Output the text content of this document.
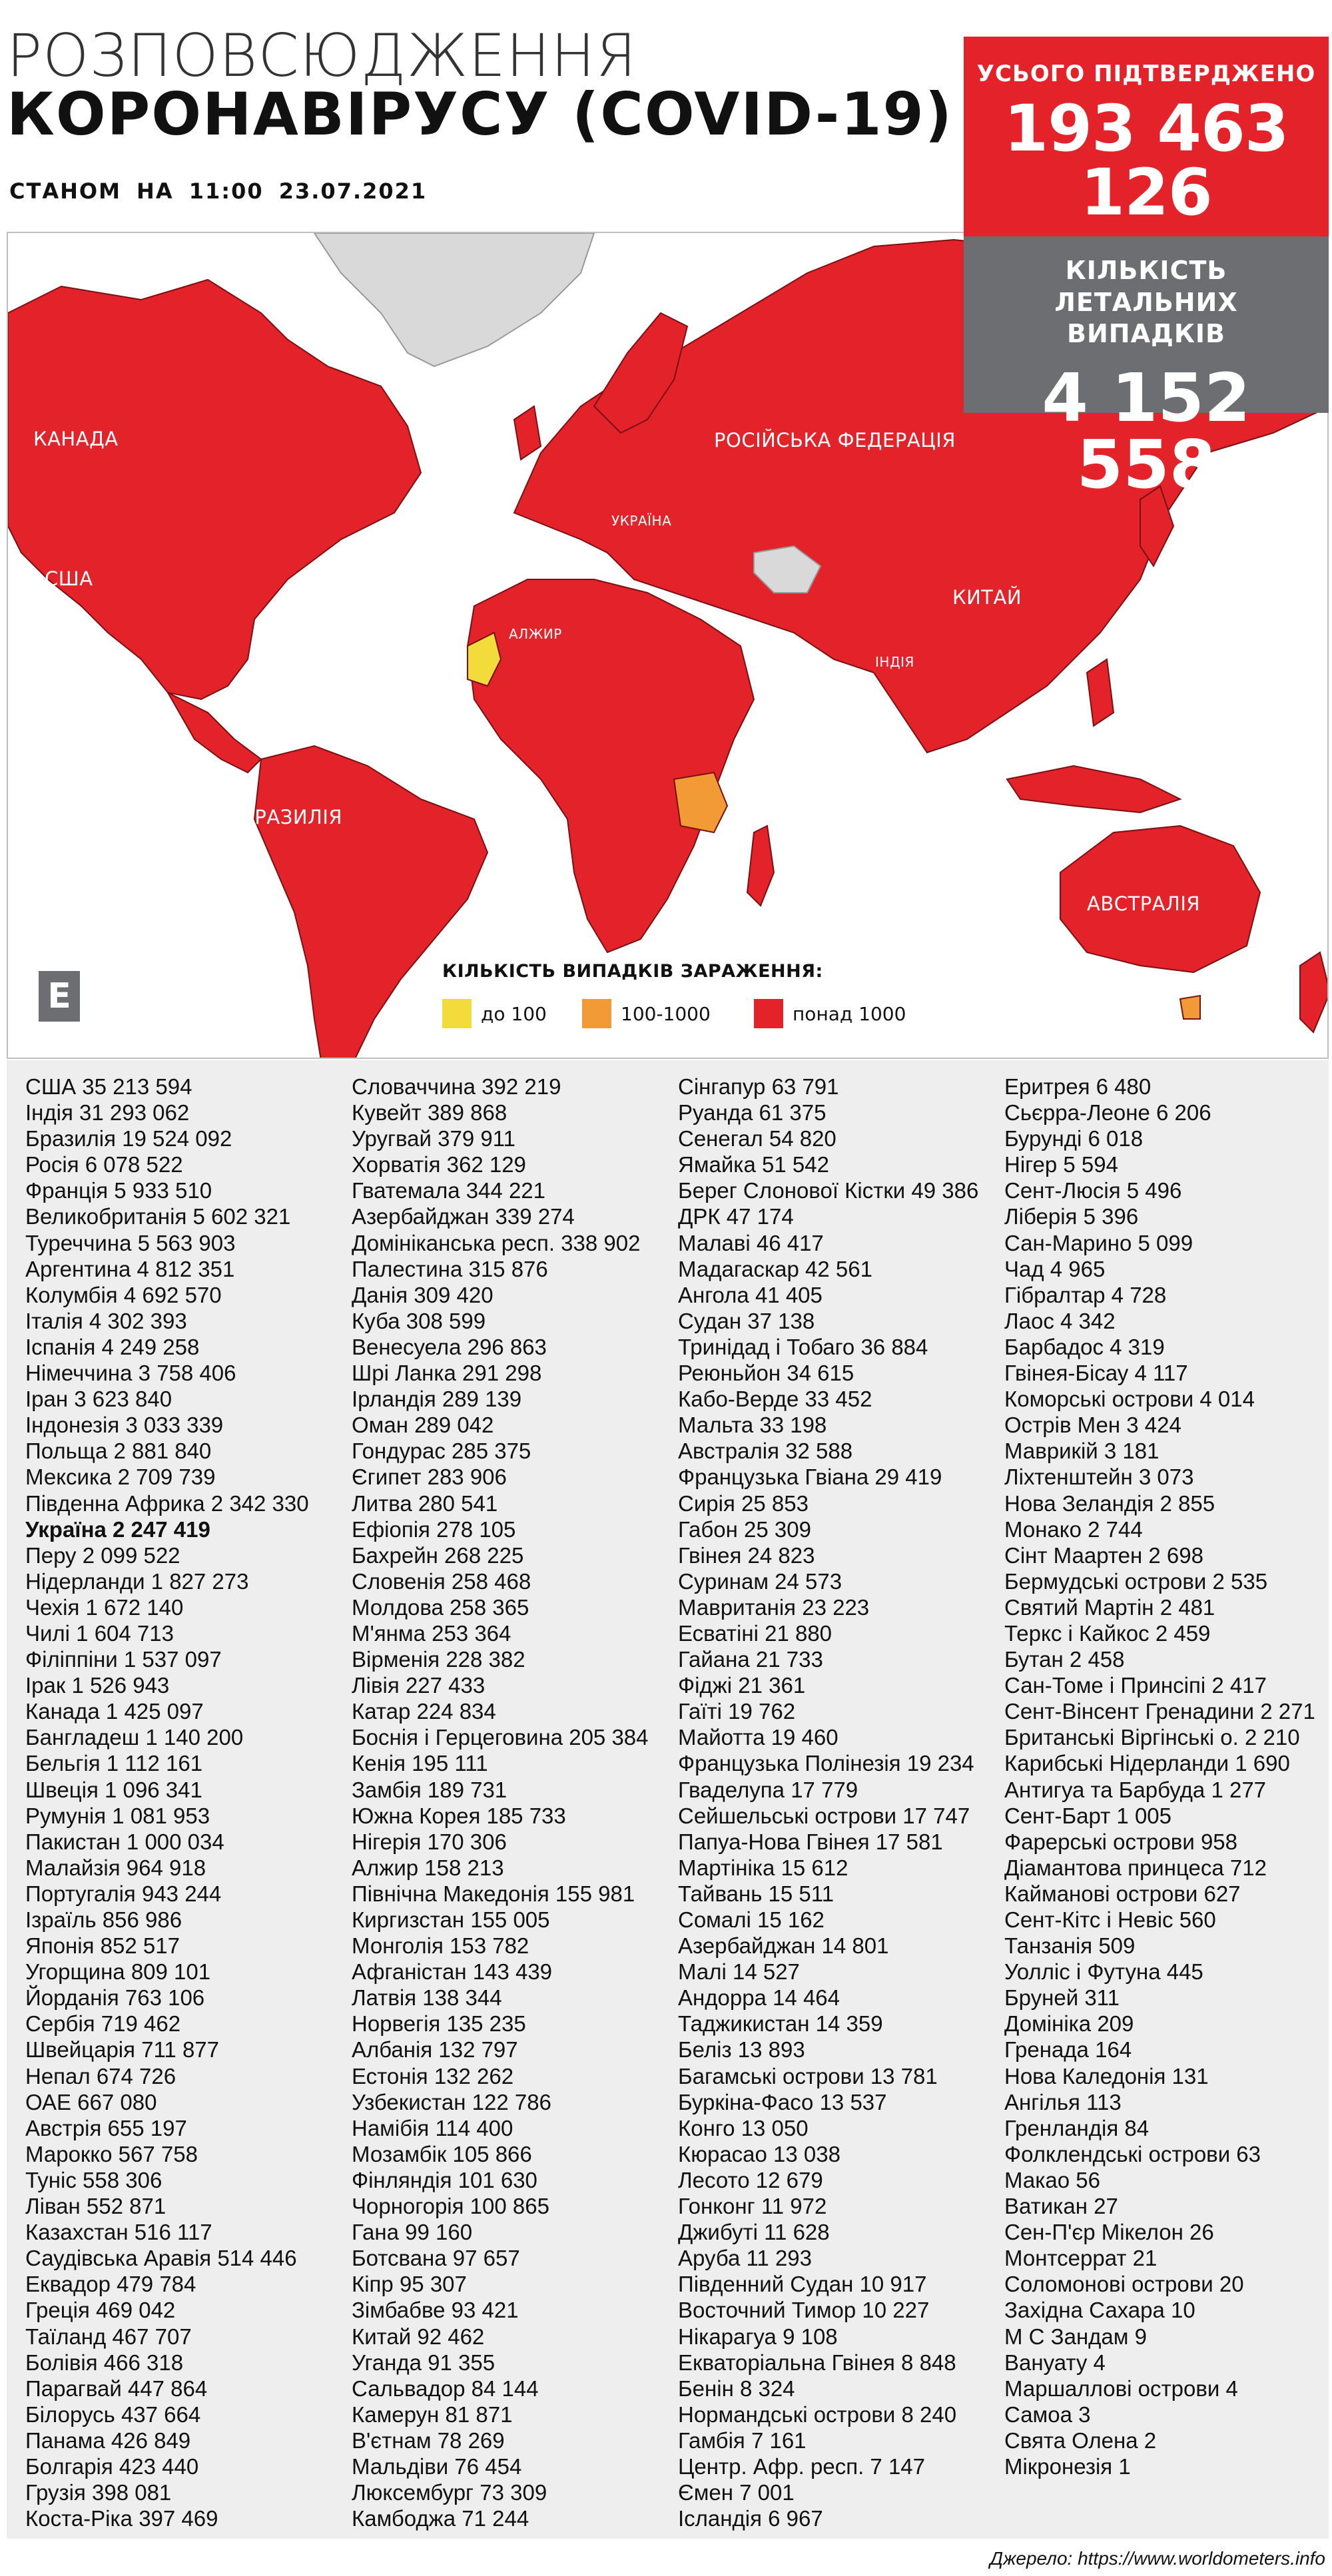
РОЗПОВСЮДЖЕННЯ
КОРОНАВІРУСУ (COVID-19)
СТАНОМ НА 11:00 23.07.2021
КАНАДА
США
БРАЗИЛІЯ
РОСІЙСЬКА ФЕДЕРАЦІЯ
УКРАЇНА
ФРАНЦІЯ
АЛЖИР
ІНДІЯ
КИТАЙ
АВСТРАЛІЯ
Е
КІЛЬКІСТЬ ВИПАДКІВ ЗАРАЖЕННЯ:
до 100	100-1000	понад 1000
УСЬОГО ПІДТВЕРДЖЕНО
193 463 126
КІЛЬКІСТЬ ЛЕТАЛЬНИХ ВИПАДКІВ
4 152 558
США 35 213 594
Індія 31 293 062
Бразилія 19 524 092
Росія 6 078 522
Франція 5 933 510
Великобританія 5 602 321
Туреччина 5 563 903
Аргентина 4 812 351
Колумбія 4 692 570
Італія 4 302 393
Іспанія 4 249 258
Німеччина 3 758 406
Іран 3 623 840
Індонезія 3 033 339
Польща 2 881 840
Мексика 2 709 739
Південна Африка 2 342 330
Україна 2 247 419
Перу 2 099 522
Нідерланди 1 827 273
Чехія 1 672 140
Чилі 1 604 713
Філіппіни 1 537 097
Ірак 1 526 943
Канада 1 425 097
Бангладеш 1 140 200
Бельгія 1 112 161
Швеція 1 096 341
Румунія 1 081 953
Пакистан 1 000 034
Малайзія 964 918
Португалія 943 244
Ізраїль 856 986
Японія 852 517
Угорщина 809 101
Йорданія 763 106
Сербія 719 462
Швейцарія 711 877
Непал 674 726
ОАЕ 667 080
Австрія 655 197
Марокко 567 758
Туніс 558 306
Ліван 552 871
Казахстан 516 117
Саудівська Аравія 514 446
Еквадор 479 784
Греція 469 042
Таїланд 467 707
Болівія 466 318
Парагвай 447 864
Білорусь 437 664
Панама 426 849
Болгарія 423 440
Грузія 398 081
Коста-Ріка 397 469
Словаччина 392 219
Кувейт 389 868
Уругвай 379 911
Хорватія 362 129
Гватемала 344 221
Азербайджан 339 274
Домініканська респ. 338 902
Палестина 315 876
Данія 309 420
Куба 308 599
Венесуела 296 863
Шрі Ланка 291 298
Ірландія 289 139
Оман 289 042
Гондурас 285 375
Єгипет 283 906
Литва 280 541
Ефіопія 278 105
Бахрейн 268 225
Словенія 258 468
Молдова 258 365
М'янма 253 364
Вірменія 228 382
Лівія 227 433
Катар 224 834
Боснія і Герцеговина 205 384
Кенія 195 111
Замбія 189 731
Южна Корея 185 733
Нігерія 170 306
Алжир 158 213
Північна Македонія 155 981
Киргизстан 155 005
Монголія 153 782
Афганістан 143 439
Латвія 138 344
Норвегія 135 235
Албанія 132 797
Естонія 132 262
Узбекистан 122 786
Намібія 114 400
Мозамбік 105 866
Фінляндія 101 630
Чорногорія 100 865
Гана 99 160
Ботсвана 97 657
Кіпр 95 307
Зімбабве 93 421
Китай 92 462
Уганда 91 355
Сальвадор 84 144
Камерун 81 871
В'єтнам 78 269
Мальдіви 76 454
Люксембург 73 309
Камбоджа 71 244
Сінгапур 63 791
Руанда 61 375
Сенегал 54 820
Ямайка 51 542
Берег Слонової Кістки 49 386
ДРК 47 174
Малаві 46 417
Мадагаскар 42 561
Ангола 41 405
Судан 37 138
Тринідад і Тобаго 36 884
Реюньйон 34 615
Кабо-Верде 33 452
Мальта 33 198
Австралія 32 588
Французька Гвіана 29 419
Сирія 25 853
Габон 25 309
Гвінея 24 823
Суринам 24 573
Мавританія 23 223
Есватіні 21 880
Гайана 21 733
Фіджі 21 361
Гаїті 19 762
Майотта 19 460
Французька Полінезія 19 234
Гваделупа 17 779
Сейшельські острови 17 747
Папуа-Нова Гвінея 17 581
Мартініка 15 612
Тайвань 15 511
Сомалі 15 162
Азербайджан 14 801
Малі 14 527
Андорра 14 464
Таджикистан 14 359
Беліз 13 893
Багамські острови 13 781
Буркіна-Фасо 13 537
Конго 13 050
Кюрасао 13 038
Лесото 12 679
Гонконг 11 972
Джибуті 11 628
Аруба 11 293
Південний Судан 10 917
Восточний Тимор 10 227
Нікарагуа 9 108
Екваторіальна Гвінея 8 848
Бенін 8 324
Нормандські острови 8 240
Гамбія 7 161
Центр. Афр. респ. 7 147
Ємен 7 001
Ісландія 6 967
Еритрея 6 480
Сьєрра-Леоне 6 206
Бурунді 6 018
Нігер 5 594
Сент-Люсія 5 496
Ліберія 5 396
Сан-Марино 5 099
Чад 4 965
Гібралтар 4 728
Лаос 4 342
Барбадос 4 319
Гвінея-Бісау 4 117
Коморські острови 4 014
Острів Мен 3 424
Маврикій 3 181
Ліхтенштейн 3 073
Нова Зеландія 2 855
Монако 2 744
Сінт Маартен 2 698
Бермудські острови 2 535
Святий Мартін 2 481
Теркс і Кайкос 2 459
Бутан 2 458
Сан-Томе і Принсіпі 2 417
Сент-Вінсент Гренадини 2 271
Британські Віргінські о. 2 210
Карибські Нідерланди 1 690
Антигуа та Барбуда 1 277
Сент-Барт 1 005
Фарерські острови 958
Діамантова принцеса 712
Кайманові острови 627
Сент-Кітс і Невіс 560
Танзанія 509
Уолліс і Футуна 445
Бруней 311
Домініка 209
Гренада 164
Нова Каледонія 131
Ангілья 113
Гренландія 84
Фолклендські острови 63
Макао 56
Ватикан 27
Сен-П'єр Мікелон 26
Монтсеррат 21
Соломонові острови 20
Західна Сахара 10
М С Зандам 9
Вануату 4
Маршаллові острови 4
Самоа 3
Свята Олена 2
Мікронезія 1
Джерело: https://www.worldometers.info
